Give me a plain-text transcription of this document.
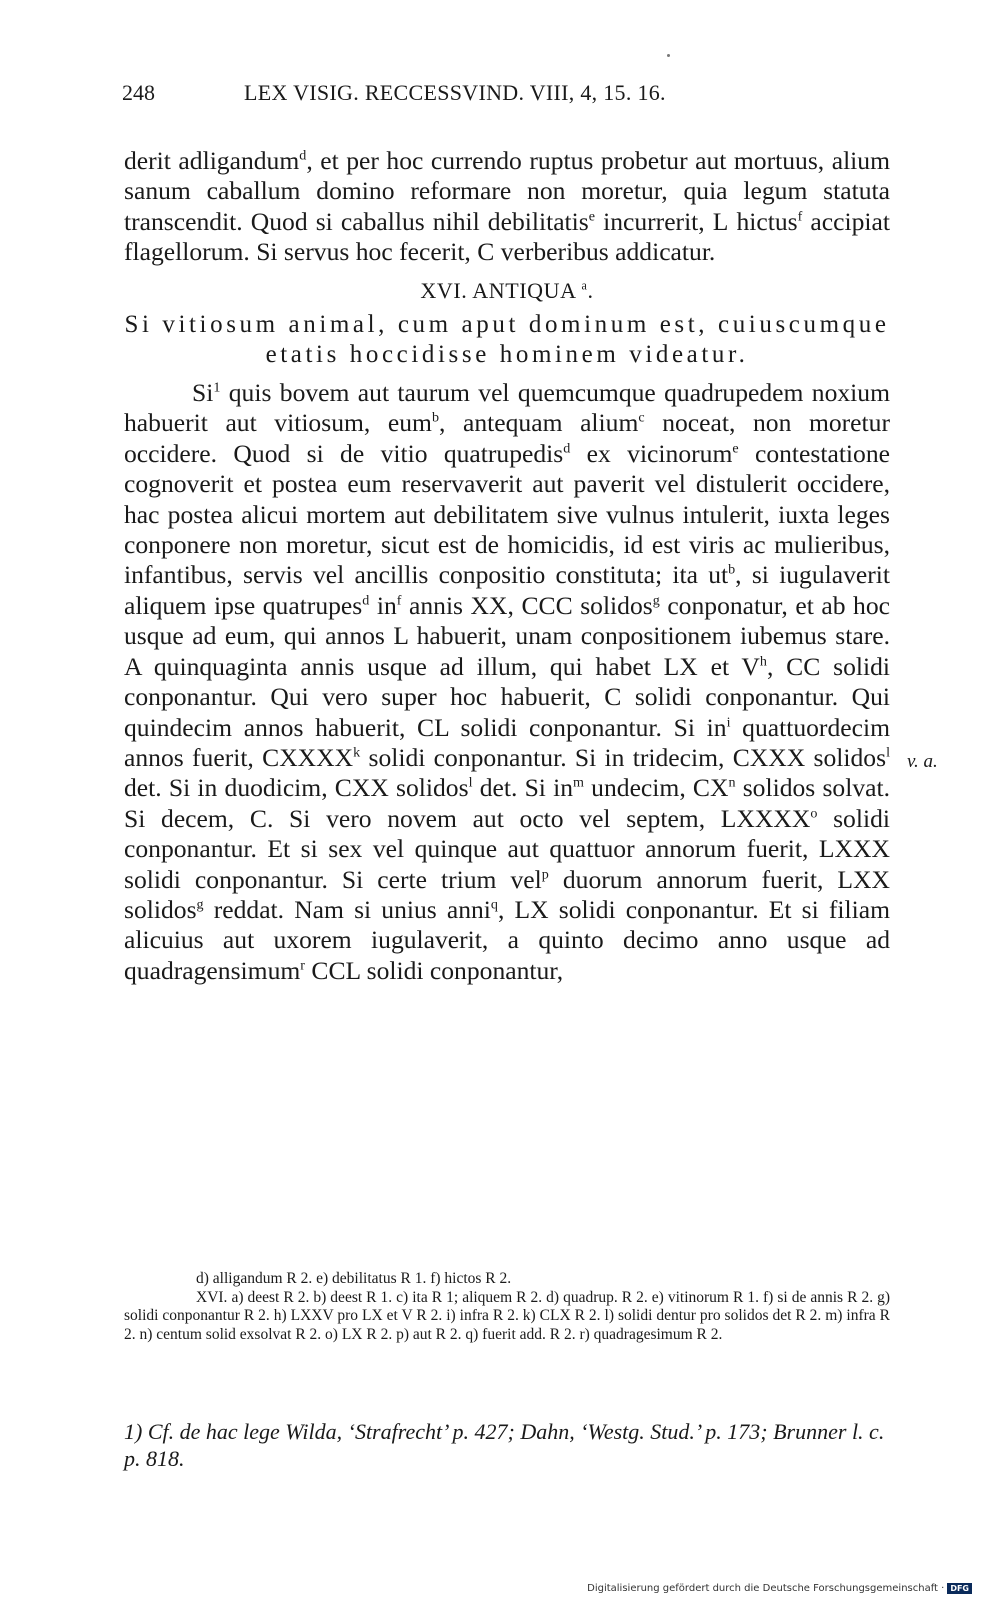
248	LEX VISIG. RECCESSVIND. VIII, 4, 15. 16.

derit adligandum$^d$, et per hoc currendo ruptus probetur aut mortuus, alium sanum caballum domino reformare non moretur, quia legum statuta transcendit. Quod si caballus nihil debilitatis$^e$ incurrerit, L hictus$^f$ accipiat flagellorum. Si servus hoc fecerit, C verberibus addicatur.

XVI. ANTIQUA $^a$.
Si vitiosum animal, cum aput dominum est, cuiuscumque etatis hoccidisse hominem videatur.

Si$^1$ quis bovem aut taurum vel quemcumque quadrupedem noxium habuerit aut vitiosum, eum$^b$, antequam alium$^c$ noceat, non moretur occidere. Quod si de vitio quatrupedis$^d$ ex vicinorum$^e$ contestatione cognoverit et postea eum reservaverit aut paverit vel distulerit occidere, hac postea alicui mortem aut debilitatem sive vulnus intulerit, iuxta leges conponere non moretur, sicut est de homicidis, id est viris ac mulieribus, infantibus, servis vel ancillis conpositio constituta; ita $ut^b$, si iugulaverit aliquem ipse quatrupes$^d$ $in^f$ annis XX, CCC solidos$^g$ conponatur, et ab hoc usque ad eum, qui annos L habuerit, unam conpositionem iubemus stare. A quinquaginta annis usque ad illum, qui habet LX et $V^h$, CC solidi conponantur. Qui vero super hoc habuerit, C solidi conponantur. Qui quindecim annos habuerit, CL solidi conponantur. Si $in^i$ quattuordecim annos fuerit, CXXXX$^k$ solidi conponantur. Si in tridecim, CXXX solidos$^l$ det. Si in duodicim, CXX solidos$^l$ det. Si $in^m$ undecim, $CX^n$ solidos solvat. Si decem, C. Si vero novem aut octo vel septem, LXXXX$^o$ solidi conponantur. Et si sex vel quinque aut quattuor annorum fuerit, LXXX solidi conponantur. Si certe trium vel$^p$ duorum annorum fuerit, LXX solidos$^g$ reddat. Nam si unius anni$^q$, LX solidi conponantur. Et si filiam alicuius aut uxorem iugulaverit, a quinto decimo anno usque ad quadragensimum$^r$ CCL solidi conponantur,

v. a.

d) alligandum R 2. e) debilitatus R 1. f) hictos R 2.

XVI. a) deest R 2. b) deest R 1. c) ita R 1; aliquem R 2. d) quadrup. R 2. e) vitinorum R 1. f) si de annis R 2. g) solidi conponantur R 2. h) LXXV pro LX et V R 2. i) infra R 2. k) CLX R 2. l) solidi dentur pro solidos det R 2. m) infra R 2. n) centum solid exsolvat R 2. o) LX R 2. p) aut R 2. q) fuerit add. R 2. r) quadragesimum R 2.

1) Cf. de hac lege Wilda, ‘Strafrecht’ p. 427; Dahn, ‘Westg. Stud.’ p. 173; Brunner l. c. p. 818.
Digitalisierung gefördert durch die Deutsche Forschungsgemeinschaft · DFG
